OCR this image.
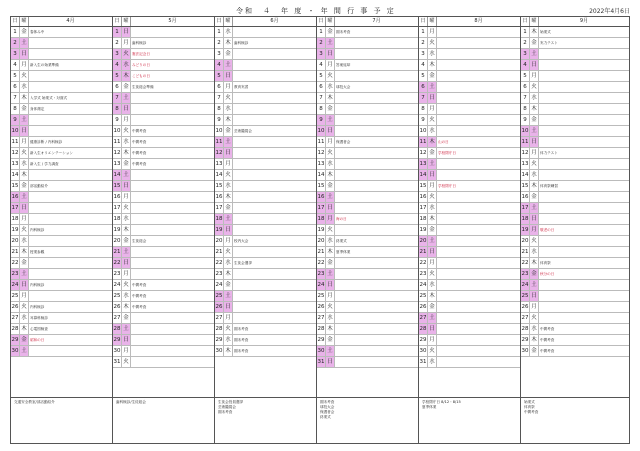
令和　４　年 度 ・ 年 間 行 事 予 定	2022年4月6日
日 曜	4月
1 金 春休み中
2 土
3 日
4 月 新入生の始業準備
5 火
6 水
7 木 入学式 始業式・対面式
8 金 身体測定
9 土
10 日
11 月 健康診断 / 内科検診
12 火 新入生オリエンテーション
13 水 新入生 / 学力調査
14 木
15 金 部活動紹介
16 土
17 日
18 月
19 火 内科検診
20 水
21 木 授業参観
22 金
23 土
24 日 内科検診
25 月
26 火 内科検診
27 水 耳鼻科検診
28 木 心電図検査
29 金 昭和の日
30 土
日 曜	5月
1 日
2 月 歯科検診
3 火 憲法記念日
4 水 みどりの日
5 木 こどもの日
6 金 生徒総会準備
7 土
8 日
9 月
10 火 中間考査
11 水 中間考査
12 木 中間考査
13 金 中間考査
14 土
15 日
16 月
17 火
18 水
19 木
20 金 生徒総会
21 土
22 日
23 月
24 火 中間考査
25 水 中間考査
26 木 中間考査
27 金
28 土
29 日
30 月
31 火
日 曜	6月
1 水
2 木 歯科検診
3 金
4 土
5 日
6 月 教育実習
7 火
8 水
9 木
10 金 芸術鑑賞会
11 土
12 日
13 月
14 火
15 水
16 木
17 金
18 土
19 日
20 月 校内大会
21 火
22 水 生徒会選挙
23 木
24 金
25 土
26 日
27 月
28 火 期末考査
29 水 期末考査
30 木 期末考査
日 曜	7月
1 金 期末考査
2 土
3 日
4 月 答案返却
5 火
6 水 球技大会
7 木
8 金
9 土
10 日
11 月 保護者会
12 火
13 水
14 木
15 金
16 土
17 日
18 月 海の日
19 火
20 水 終業式
21 木 夏季休業
22 金
23 土
24 日
25 月
26 火
27 水
28 木
29 金
30 土
31 日
日 曜	8月
1 月
2 火
3 水
4 木
5 金
6 土
7 日
8 月
9 火
10 水
11 木 山の日
12 金 学校閉庁日
13 土
14 日
15 月 学校閉庁日
16 火
17 水
18 木
19 金
20 土
21 日
22 月
23 火
24 水
25 木
26 金
27 土
28 日
29 月
30 火
31 水
日 曜	9月
1 木 始業式
2 金 実力テスト
3 土
4 日
5 月
6 火
7 水
8 木
9 金
10 土
11 日
12 月 体力テスト
13 火
14 水
15 木 体育祭練習
16 金
17 土
18 日
19 月 敬老の日
20 火
21 水
22 木 体育祭
23 金 秋分の日
24 土
25 日
26 月
27 火
28 水 中間考査
29 木 中間考査
30 金 中間考査
交通安全教室/部活動紹介	歯科検診/生徒総会	生徒会役員選挙
芸術鑑賞会
期末考査
期末考査
球技大会
保護者会
終業式
学校閉庁日 8/12・8/15
夏季休業
始業式
体育祭
中間考査
